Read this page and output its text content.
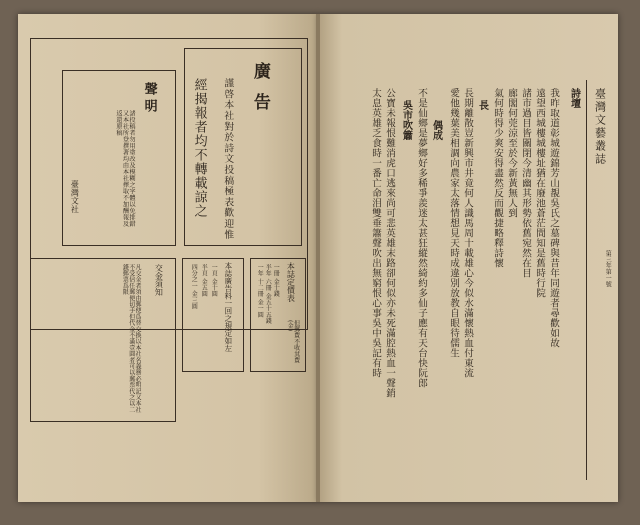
廣告
謹啓本社對於詩文投稿極表歡迎惟
經揭報者均不轉載諒之
聲明
諸投稿者勿用塗改及模糊之字體以免排錯又本社所登撰著均由本社擇取不加酬報及返還原稿
臺灣文社
本誌定價表
但郵費不收其費(金)
一冊 金十錢
半年 六冊 金五十五錢
一年 十二冊 金一圓
本誌廣告料一回之規定如左
一頁 金十圓
半頁 金五圓
四分之一 金三圓
交金須知
凡交金者須由郵便爲替交換以本社名義務必明記又本社不受信任郵便切手但代金不滿壹圓者可以郵票代之以二錢郵票爲限
臺灣文藝叢誌
第三年第一號
詩壇
我昨取道彰城遊錦芳山覩吳氏之墓碑與昔年同遊者尋歡如故
遠望西城樓城樓址猶在廢池蒼茫間知是舊時行院
諸市過目皆關閉今清幽其形勢依舊宛然在目
廊閣何莞涼至於今新黃無人到
氣何時得少爽安得盡然反而觀捷略釋詩懷
長
長期離散豈新興市井竟何人識馬周十載雄心今似水滿懷熱血付東流
愛他幾葉美相調向農家太落情想見天時成違別放教自眼待儒生
偶成
不是仙鄉是夢鄉好多稀爭羨迷太甚狂縱然綺約多仙子應有天台快阮郎
吳市吹簫
公寶未報恨難消虎口逃來尚可悲英雄末路卻何似亦未死滿腔熱血一聲銷
太息英雄乏食時一番亡命泪雙垂簫聲吹出無窮恨心事吳中吳記有時
